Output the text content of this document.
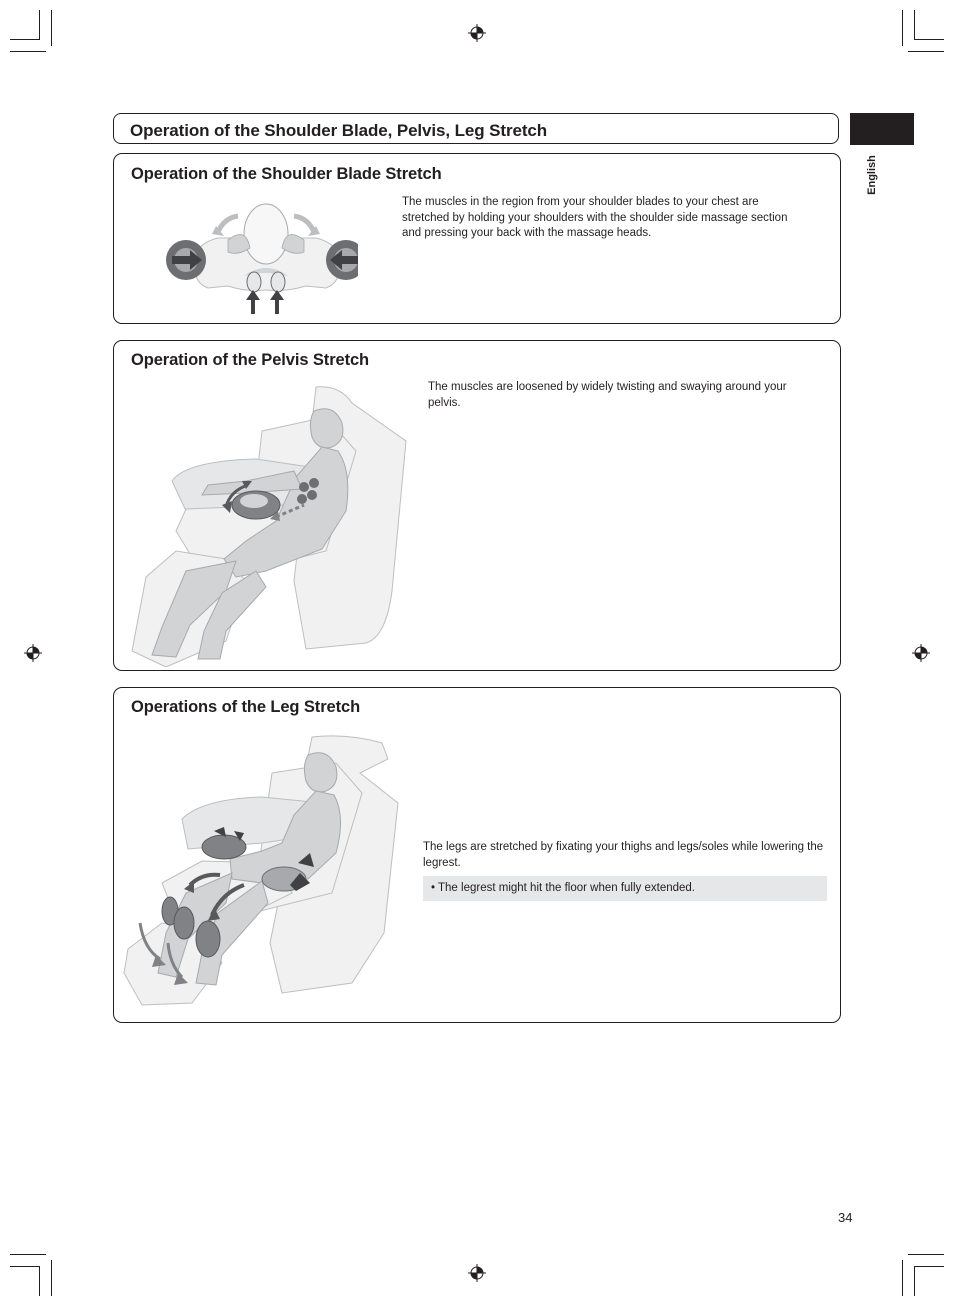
Operation of the Shoulder Blade, Pelvis, Leg Stretch
English
Operation of the Shoulder Blade Stretch

The muscles in the region from your shoulder blades to your chest are stretched by holding your shoulders with the shoulder side massage section and pressing your back with the massage heads.

Operation of the Pelvis Stretch

The muscles are loosened by widely twisting and swaying around your pelvis.

Operations of the Leg Stretch

The legs are stretched by fixating your thighs and legs/soles while lowering the legrest.

• The legrest might hit the floor when fully extended.
34
